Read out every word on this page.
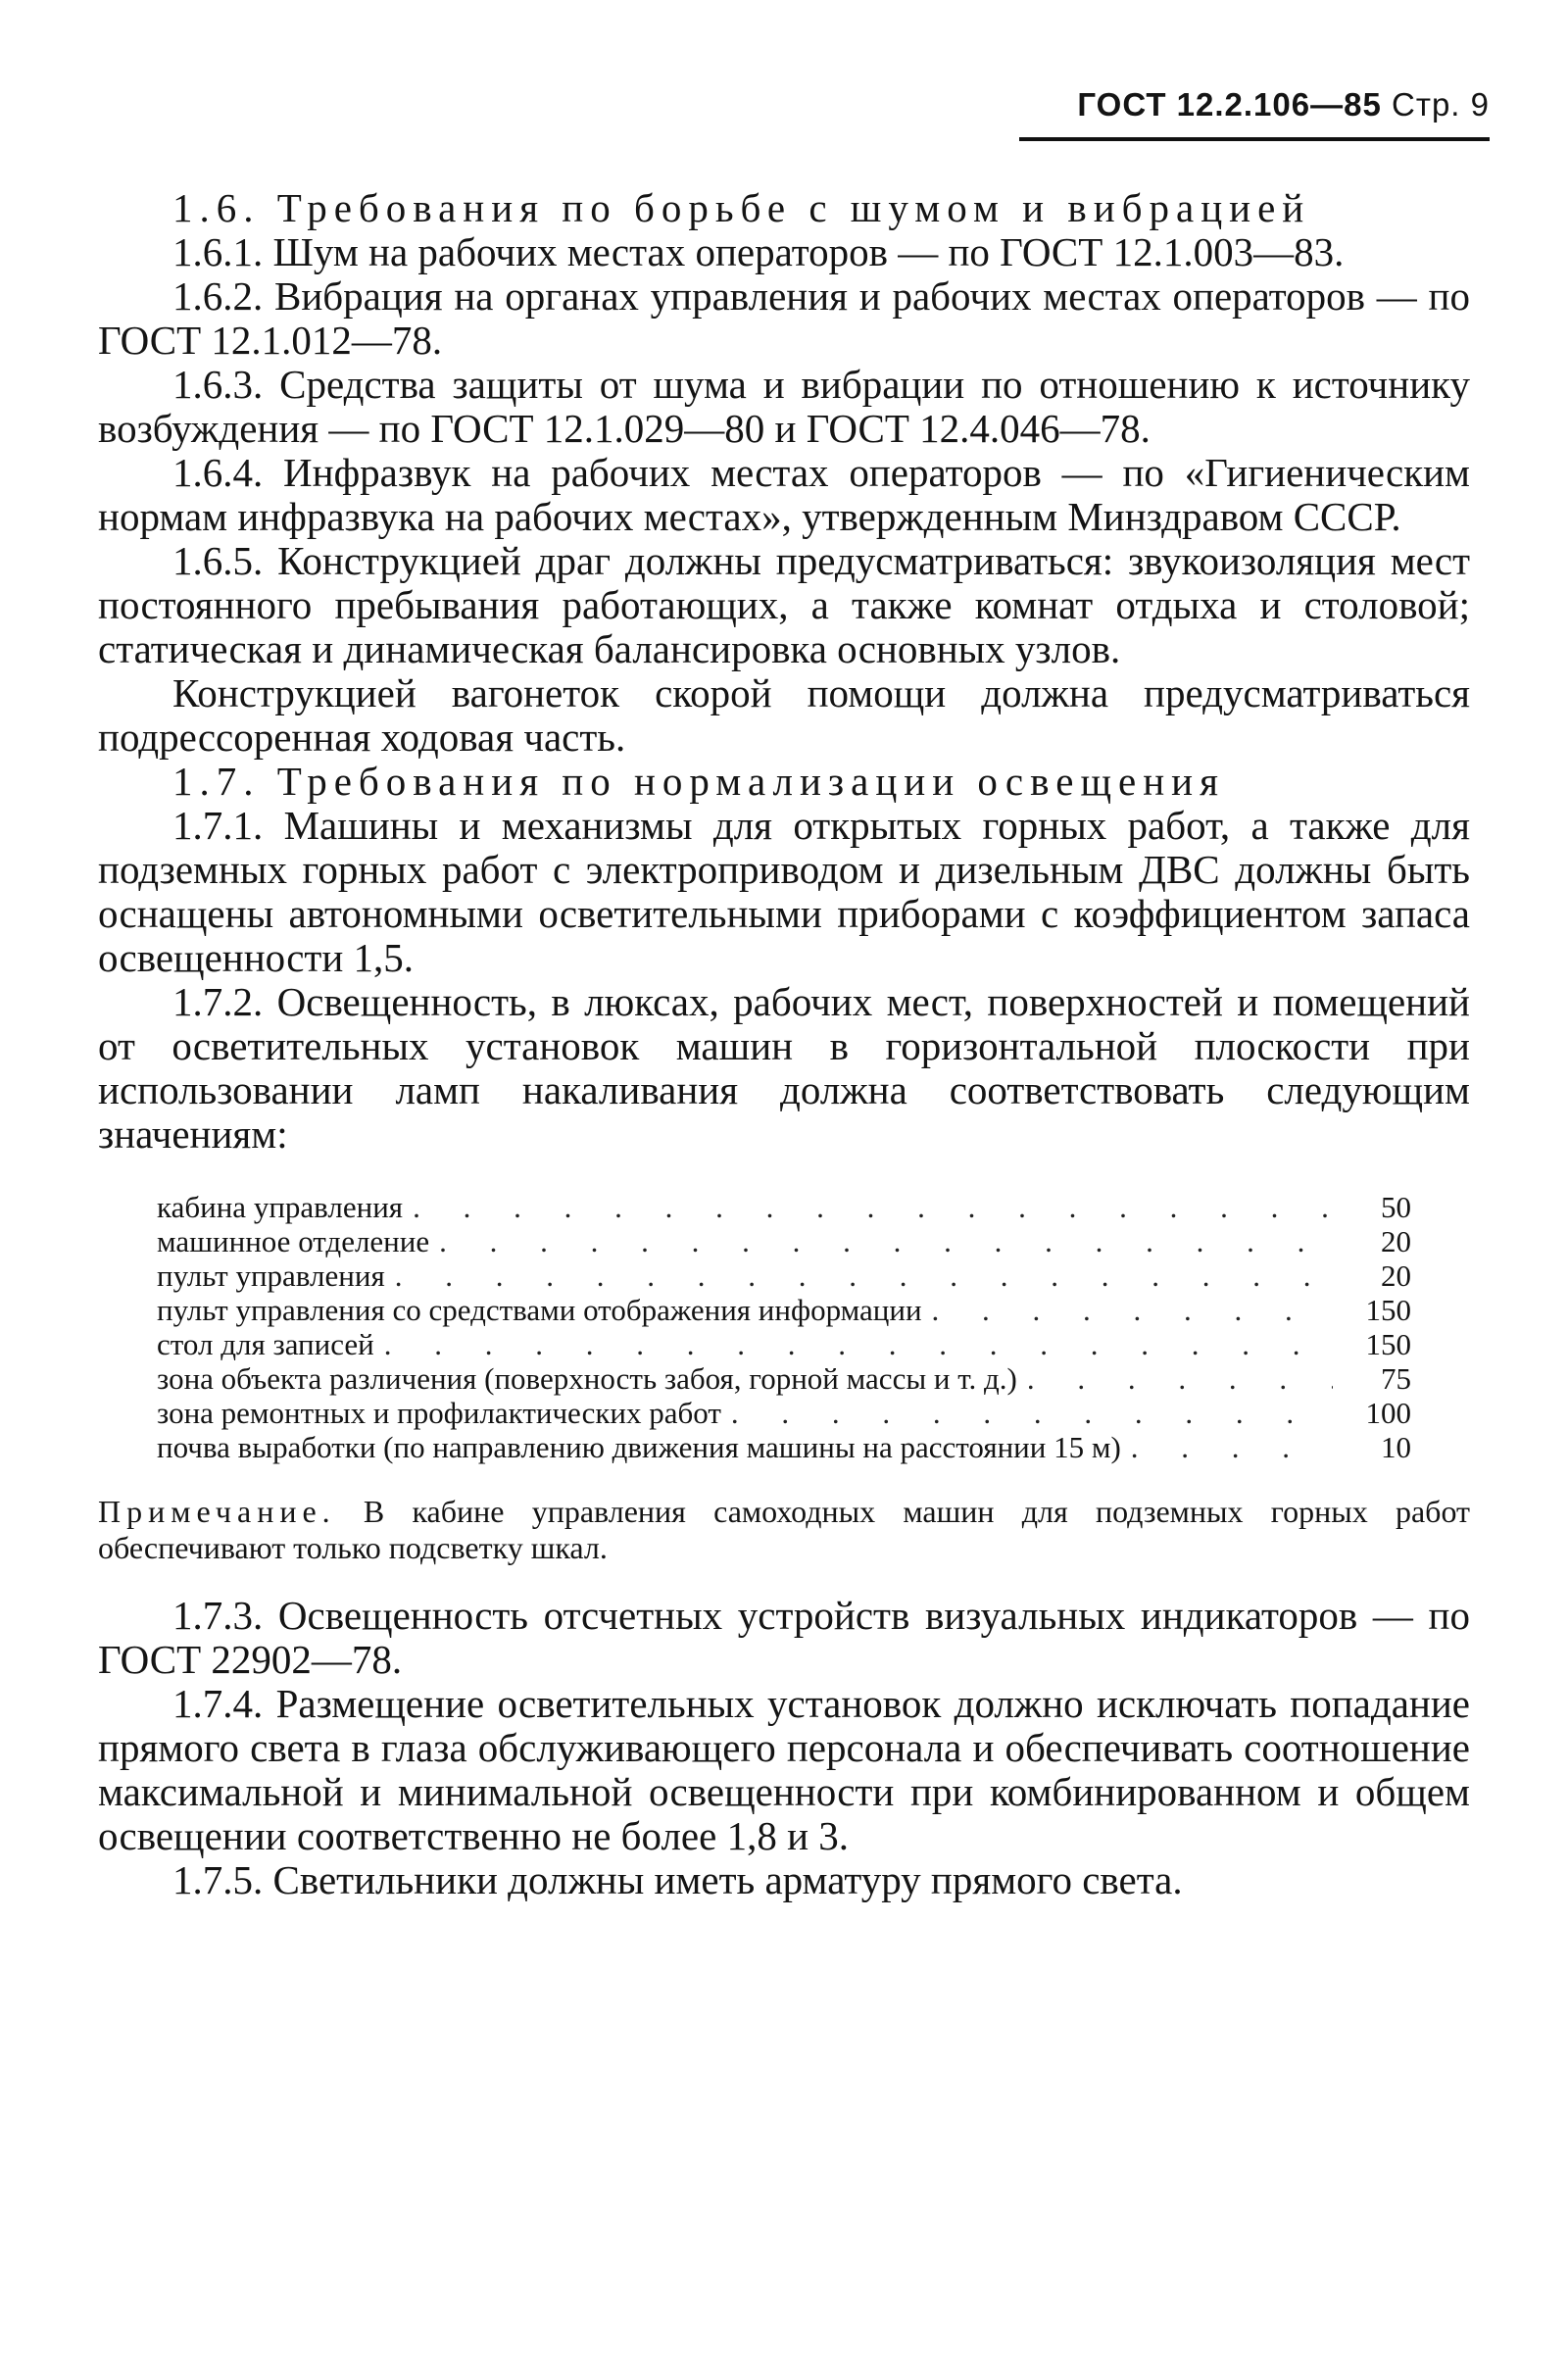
ГОСТ 12.2.106—85 Стр. 9

1.6. Требования по борьбе с шумом и вибрацией

1.6.1. Шум на рабочих местах операторов — по ГОСТ 12.1.003—83.

1.6.2. Вибрация на органах управления и рабочих местах операторов — по ГОСТ 12.1.012—78.

1.6.3. Средства защиты от шума и вибрации по отношению к источнику возбуждения — по ГОСТ 12.1.029—80 и ГОСТ 12.4.046—78.

1.6.4. Инфразвук на рабочих местах операторов — по «Гигиеническим нормам инфразвука на рабочих местах», утвержденным Минздравом СССР.

1.6.5. Конструкцией драг должны предусматриваться: звукоизоляция мест постоянного пребывания работающих, а также комнат отдыха и столовой; статическая и динамическая балансировка основных узлов.

Конструкцией вагонеток скорой помощи должна предусматриваться подрессоренная ходовая часть.

1.7. Требования по нормализации освещения

1.7.1. Машины и механизмы для открытых горных работ, а также для подземных горных работ с электроприводом и дизельным ДВС должны быть оснащены автономными осветительными приборами с коэффициентом запаса освещенности 1,5.

1.7.2. Освещенность, в люксах, рабочих мест, поверхностей и помещений от осветительных установок машин в горизонтальной плоскости при использовании ламп накаливания должна соответствовать следующим значениям:

кабина управления . . .	50
машинное отделение . . .	20
пульт управления . . .	20
пульт управления со средствами отображения информации . . .	150
стол для записей . . .	150
зона объекта различения (поверхность забоя, горной массы и т. д.) . . .	75
зона ремонтных и профилактических работ . . .	100
почва выработки (по направлению движения машины на расстоянии 15 м) . . .	10
Примечание. В кабине управления самоходных машин для подземных горных работ обеспечивают только подсветку шкал.

1.7.3. Освещенность отсчетных устройств визуальных индикаторов — по ГОСТ 22902—78.

1.7.4. Размещение осветительных установок должно исключать попадание прямого света в глаза обслуживающего персонала и обеспечивать соотношение максимальной и минимальной освещенности при комбинированном и общем освещении соответственно не более 1,8 и 3.

1.7.5. Светильники должны иметь арматуру прямого света.
